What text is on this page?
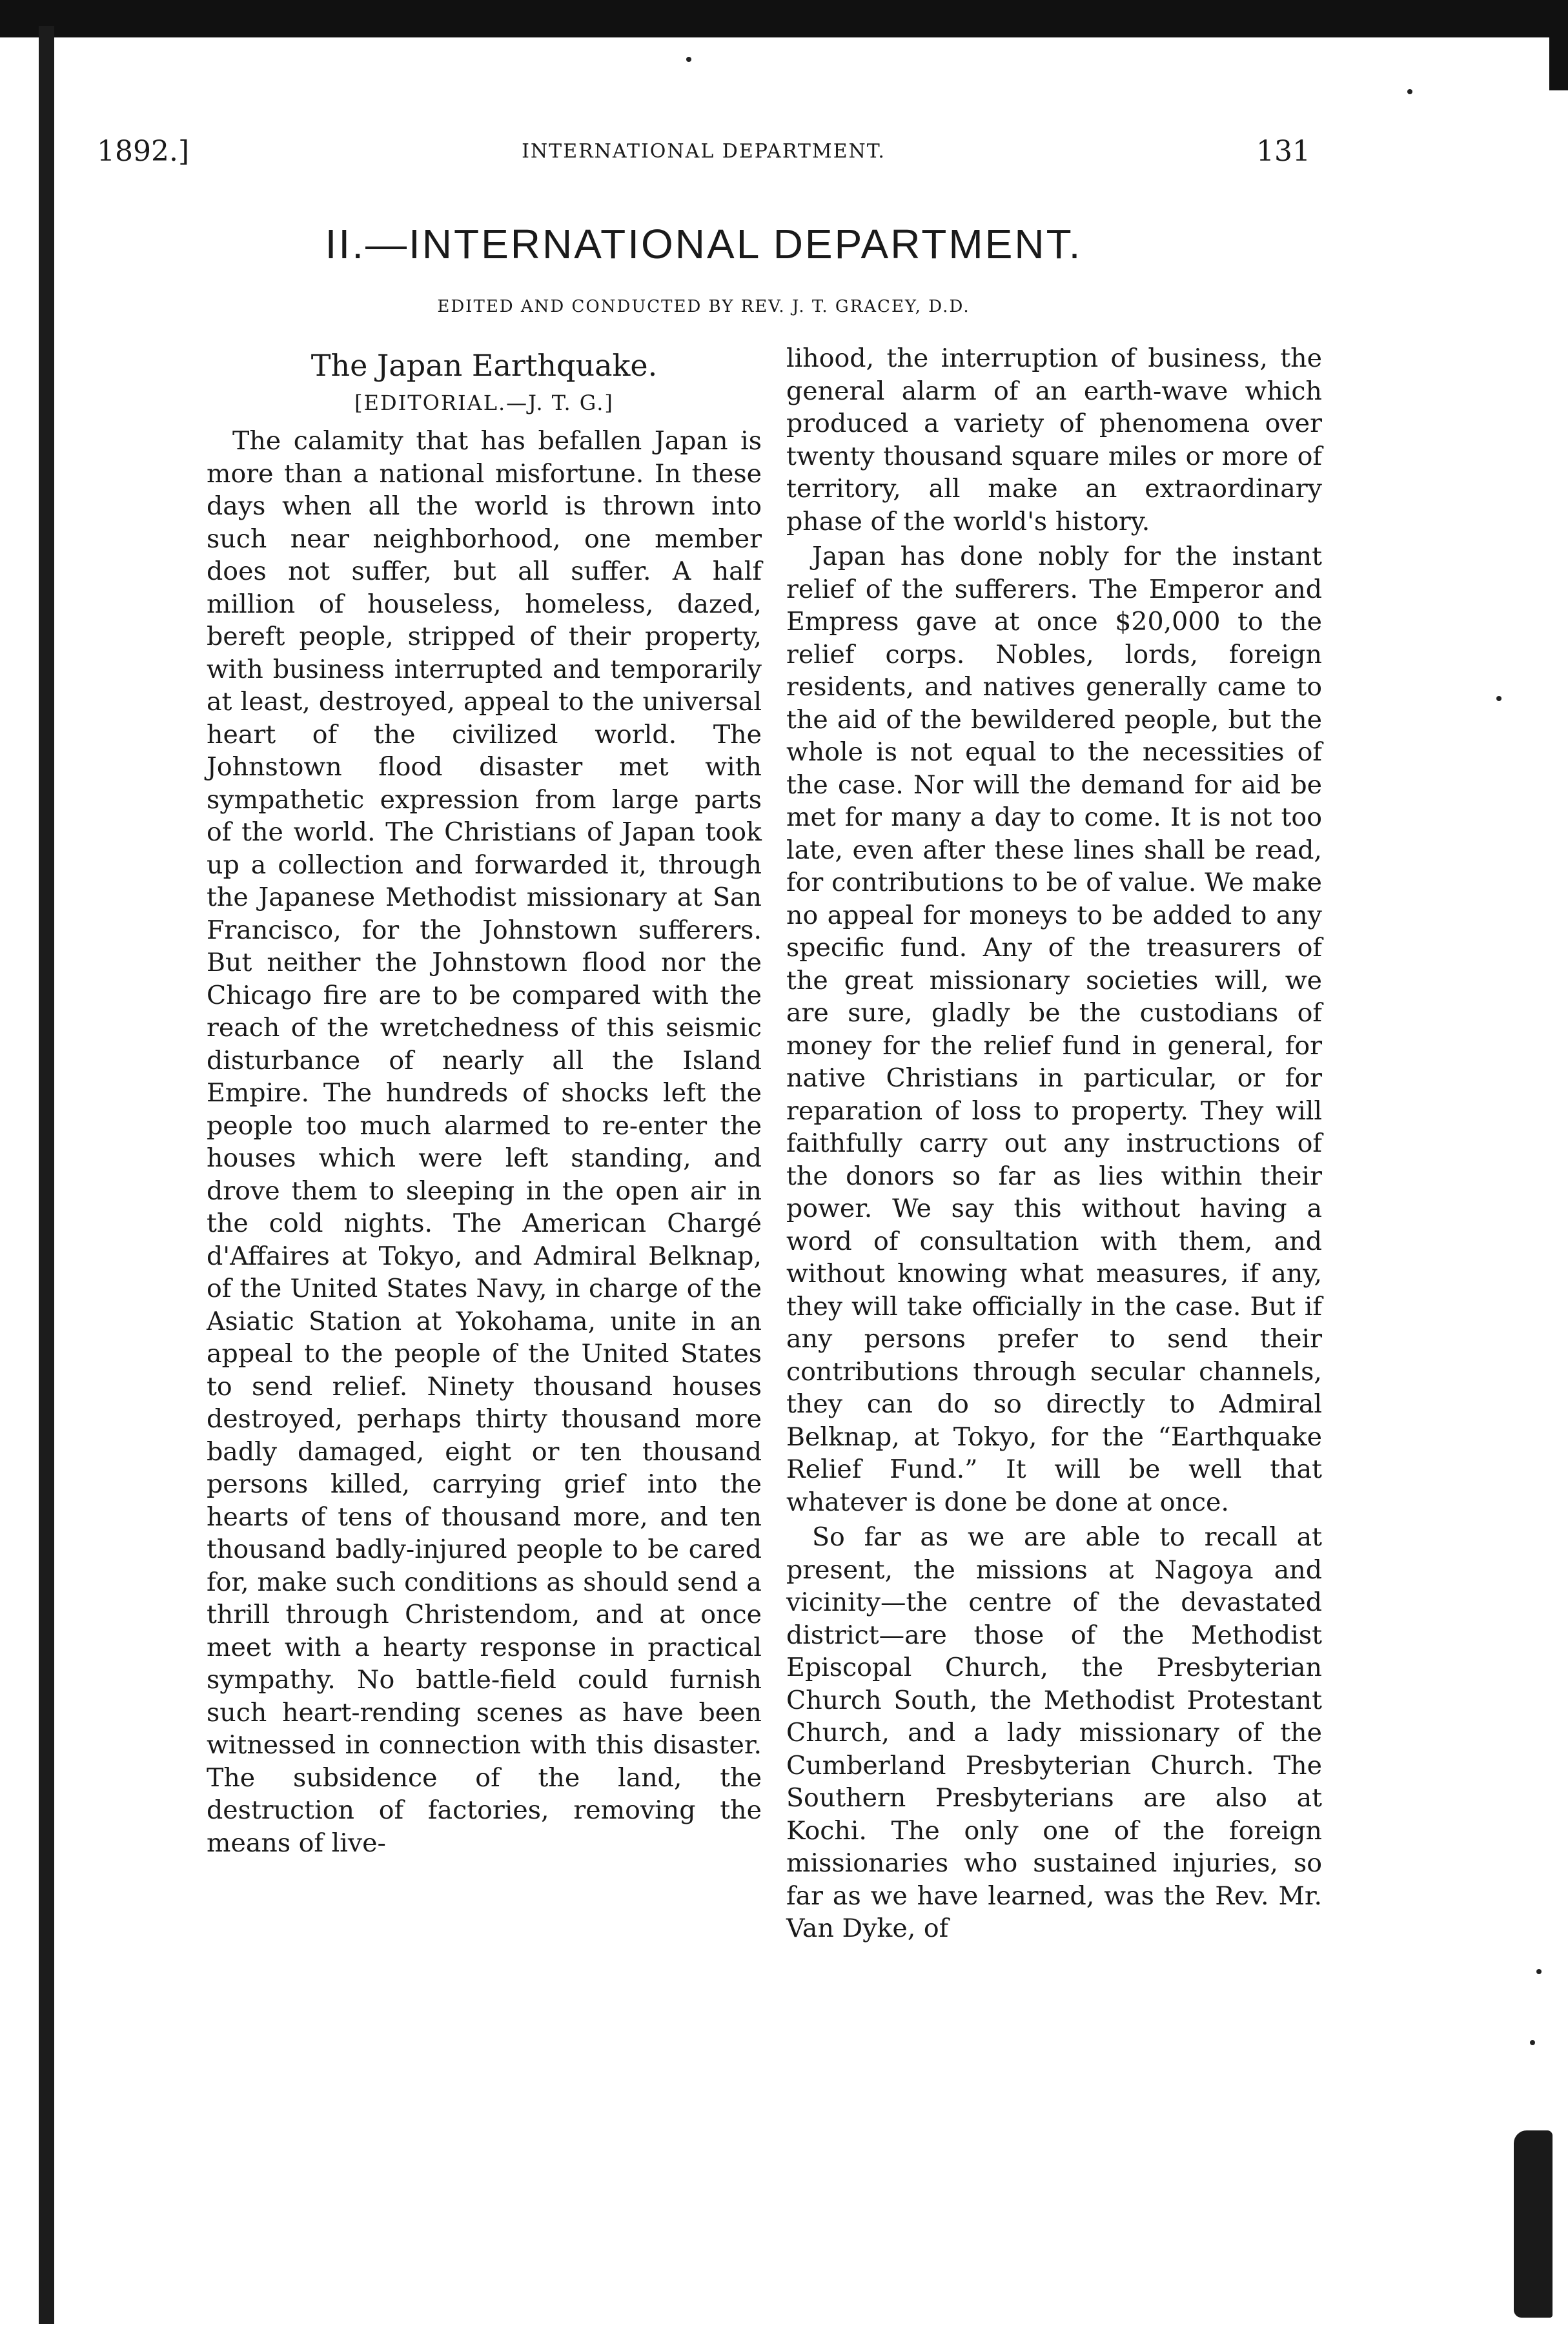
1892.]	INTERNATIONAL DEPARTMENT.	131
II.—INTERNATIONAL DEPARTMENT.
EDITED AND CONDUCTED BY REV. J. T. GRACEY, D.D.
The Japan Earthquake.
[EDITORIAL.—J. T. G.]

The calamity that has befallen Japan is more than a national misfortune. In these days when all the world is thrown into such near neighborhood, one member does not suffer, but all suffer. A half million of houseless, homeless, dazed, bereft people, stripped of their property, with business interrupted and temporarily at least, destroyed, appeal to the universal heart of the civilized world. The Johnstown flood disaster met with sympathetic expression from large parts of the world. The Christians of Japan took up a collection and forwarded it, through the Japanese Methodist missionary at San Francisco, for the Johnstown sufferers. But neither the Johnstown flood nor the Chicago fire are to be compared with the reach of the wretchedness of this seismic disturbance of nearly all the Island Empire. The hundreds of shocks left the people too much alarmed to re-enter the houses which were left standing, and drove them to sleeping in the open air in the cold nights. The American Chargé d'Affaires at Tokyo, and Admiral Belknap, of the United States Navy, in charge of the Asiatic Station at Yokohama, unite in an appeal to the people of the United States to send relief. Ninety thousand houses destroyed, perhaps thirty thousand more badly damaged, eight or ten thousand persons killed, carrying grief into the hearts of tens of thousand more, and ten thousand badly-injured people to be cared for, make such conditions as should send a thrill through Christendom, and at once meet with a hearty response in practical sympathy. No battle-field could furnish such heart-rending scenes as have been witnessed in connection with this disaster. The subsidence of the land, the destruction of factories, removing the means of live-

lihood, the interruption of business, the general alarm of an earth-wave which produced a variety of phenomena over twenty thousand square miles or more of territory, all make an extraordinary phase of the world's history.

Japan has done nobly for the instant relief of the sufferers. The Emperor and Empress gave at once $20,000 to the relief corps. Nobles, lords, foreign residents, and natives generally came to the aid of the bewildered people, but the whole is not equal to the necessities of the case. Nor will the demand for aid be met for many a day to come. It is not too late, even after these lines shall be read, for contributions to be of value. We make no appeal for moneys to be added to any specific fund. Any of the treasurers of the great missionary societies will, we are sure, gladly be the custodians of money for the relief fund in general, for native Christians in particular, or for reparation of loss to property. They will faithfully carry out any instructions of the donors so far as lies within their power. We say this without having a word of consultation with them, and without knowing what measures, if any, they will take officially in the case. But if any persons prefer to send their contributions through secular channels, they can do so directly to Admiral Belknap, at Tokyo, for the “Earthquake Relief Fund.” It will be well that whatever is done be done at once.

So far as we are able to recall at present, the missions at Nagoya and vicinity—the centre of the devastated district—are those of the Methodist Episcopal Church, the Presbyterian Church South, the Methodist Protestant Church, and a lady missionary of the Cumberland Presbyterian Church. The Southern Presbyterians are also at Kochi. The only one of the foreign missionaries who sustained injuries, so far as we have learned, was the Rev. Mr. Van Dyke, of
